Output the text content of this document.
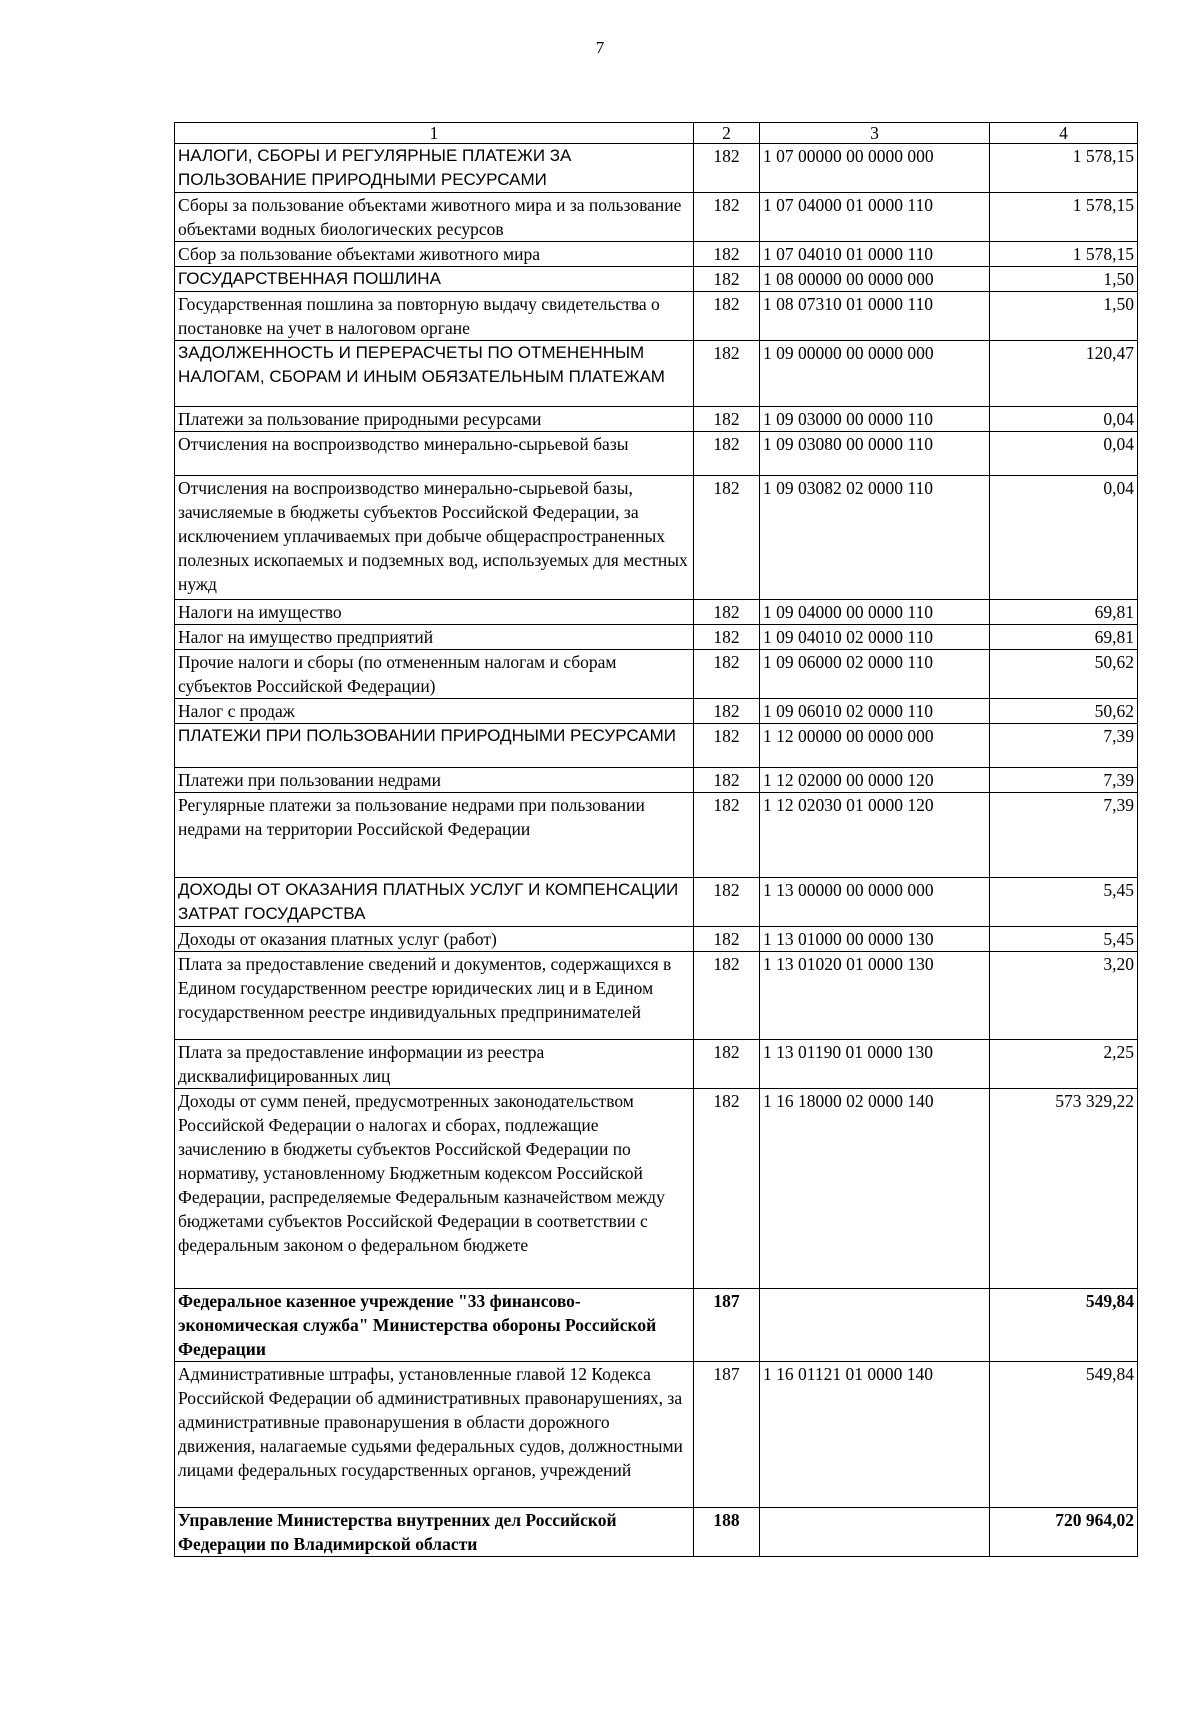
7
1	2	3	4
НАЛОГИ, СБОРЫ И РЕГУЛЯРНЫЕ ПЛАТЕЖИ ЗА ПОЛЬЗОВАНИЕ ПРИРОДНЫМИ РЕСУРСАМИ	182	1 07 00000 00 0000 000	1 578,15
Сборы за пользование объектами животного мира и за пользование объектами водных биологических ресурсов	182	1 07 04000 01 0000 110	1 578,15
Сбор за пользование объектами животного мира	182	1 07 04010 01 0000 110	1 578,15
ГОСУДАРСТВЕННАЯ ПОШЛИНА	182	1 08 00000 00 0000 000	1,50
Государственная пошлина за повторную выдачу свидетельства о постановке на учет в налоговом органе	182	1 08 07310 01 0000 110	1,50
ЗАДОЛЖЕННОСТЬ И ПЕРЕРАСЧЕТЫ ПО ОТМЕНЕННЫМ НАЛОГАМ, СБОРАМ И ИНЫМ ОБЯЗАТЕЛЬНЫМ ПЛАТЕЖАМ	182	1 09 00000 00 0000 000	120,47
Платежи за пользование природными ресурсами	182	1 09 03000 00 0000 110	0,04
Отчисления на воспроизводство минерально-сырьевой базы	182	1 09 03080 00 0000 110	0,04
Отчисления на воспроизводство минерально-сырьевой базы, зачисляемые в бюджеты субъектов Российской Федерации, за исключением уплачиваемых при добыче общераспространенных полезных ископаемых и подземных вод, используемых для местных нужд	182	1 09 03082 02 0000 110	0,04
Налоги на имущество	182	1 09 04000 00 0000 110	69,81
Налог на имущество предприятий	182	1 09 04010 02 0000 110	69,81
Прочие налоги и сборы (по отмененным налогам и сборам субъектов Российской Федерации)	182	1 09 06000 02 0000 110	50,62
Налог с продаж	182	1 09 06010 02 0000 110	50,62
ПЛАТЕЖИ ПРИ ПОЛЬЗОВАНИИ ПРИРОДНЫМИ РЕСУРСАМИ	182	1 12 00000 00 0000 000	7,39
Платежи при пользовании недрами	182	1 12 02000 00 0000 120	7,39
Регулярные платежи за пользование недрами при пользовании недрами на территории Российской Федерации	182	1 12 02030 01 0000 120	7,39
ДОХОДЫ ОТ ОКАЗАНИЯ ПЛАТНЫХ УСЛУГ И КОМПЕНСАЦИИ ЗАТРАТ ГОСУДАРСТВА	182	1 13 00000 00 0000 000	5,45
Доходы от оказания платных услуг (работ)	182	1 13 01000 00 0000 130	5,45
Плата за предоставление сведений и документов, содержащихся в Едином государственном реестре юридических лиц и в Едином государственном реестре индивидуальных предпринимателей	182	1 13 01020 01 0000 130	3,20
Плата за предоставление информации из реестра дисквалифицированных лиц	182	1 13 01190 01 0000 130	2,25
Доходы от сумм пеней, предусмотренных законодательством Российской Федерации о налогах и сборах, подлежащие зачислению в бюджеты субъектов Российской Федерации по нормативу, установленному Бюджетным кодексом Российской Федерации, распределяемые Федеральным казначейством между бюджетами субъектов Российской Федерации в соответствии с федеральным законом о федеральном бюджете	182	1 16 18000 02 0000 140	573 329,22
Федеральное казенное учреждение "33 финансово-экономическая служба" Министерства обороны Российской Федерации	187		549,84
Административные штрафы, установленные главой 12 Кодекса Российской Федерации об административных правонарушениях, за административные правонарушения в области дорожного движения, налагаемые судьями федеральных судов, должностными лицами федеральных государственных органов, учреждений	187	1 16 01121 01 0000 140	549,84
Управление Министерства внутренних дел Российской Федерации по Владимирской области	188		720 964,02
